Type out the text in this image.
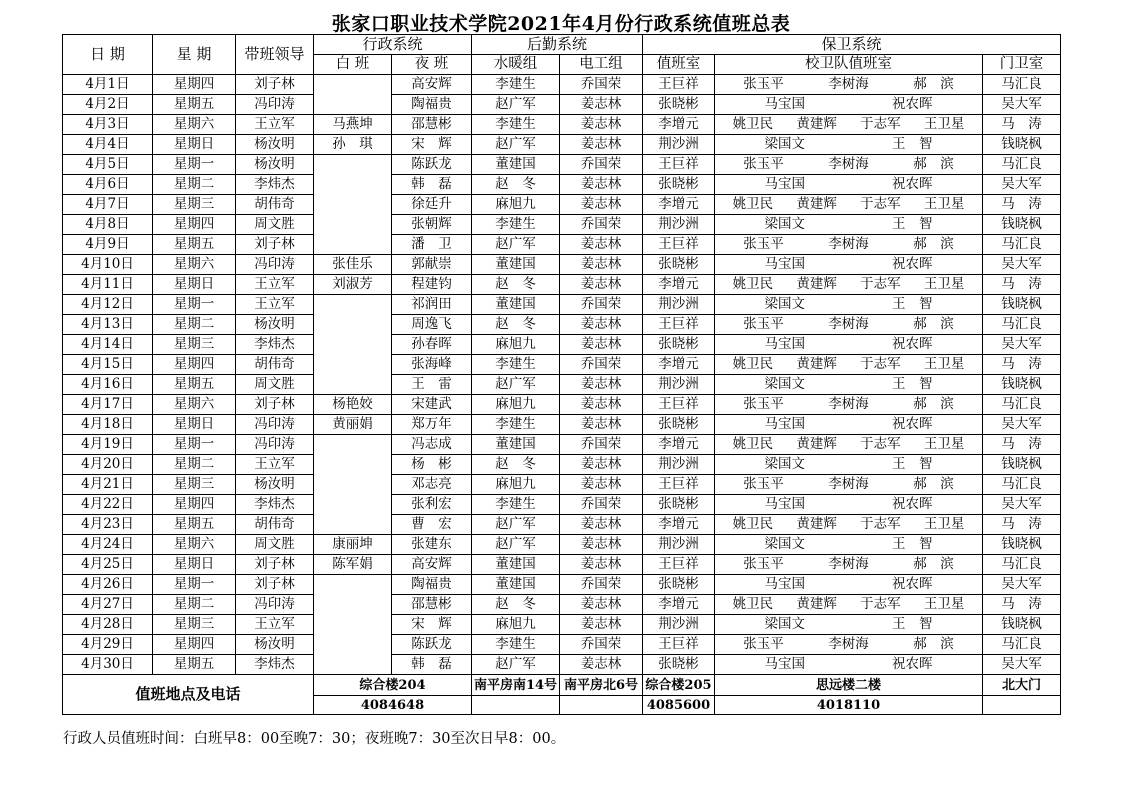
张家口职业技术学院2021年4月份行政系统值班总表
日 期	星 期	带班领导	行政系统		后勤系统		保卫系统		
			白 班	夜 班	水暖组	电工组	值班室	校卫队值班室	门卫室
4月1日	星期四	刘子林		高安辉	李建生	乔国荣	王巨祥	张玉平 李树海 郝　滨	马汇良
4月2日	星期五	冯印涛		陶福贵	赵广军	姜志林	张晓彬	马宝国 祝农晖	吴大军
4月3日	星期六	王立军	马燕坤	邵慧彬	李建生	姜志林	李增元	姚卫民 黄建辉 于志军 王卫星	马　涛
4月4日	星期日	杨汝明	孙　琪	宋　辉	赵广军	姜志林	荆沙洲	梁国文 王　智	钱晓枫
4月5日	星期一	杨汝明		陈跃龙	董建国	乔国荣	王巨祥	张玉平 李树海 郝　滨	马汇良
4月6日	星期二	李炜杰		韩　磊	赵　冬	姜志林	张晓彬	马宝国 祝农晖	吴大军
4月7日	星期三	胡伟奇		徐廷升	麻旭九	姜志林	李增元	姚卫民 黄建辉 于志军 王卫星	马　涛
4月8日	星期四	周文胜		张朝辉	李建生	乔国荣	荆沙洲	梁国文 王　智	钱晓枫
4月9日	星期五	刘子林		潘　卫	赵广军	姜志林	王巨祥	张玉平 李树海 郝　滨	马汇良
4月10日	星期六	冯印涛	张佳乐	郭献崇	董建国	姜志林	张晓彬	马宝国 祝农晖	吴大军
4月11日	星期日	王立军	刘淑芳	程建钧	赵　冬	姜志林	李增元	姚卫民 黄建辉 于志军 王卫星	马　涛
4月12日	星期一	王立军		祁润田	董建国	乔国荣	荆沙洲	梁国文 王　智	钱晓枫
4月13日	星期二	杨汝明		周逸飞	赵　冬	姜志林	王巨祥	张玉平 李树海 郝　滨	马汇良
4月14日	星期三	李炜杰		孙春晖	麻旭九	姜志林	张晓彬	马宝国 祝农晖	吴大军
4月15日	星期四	胡伟奇		张海峰	李建生	乔国荣	李增元	姚卫民 黄建辉 于志军 王卫星	马　涛
4月16日	星期五	周文胜		王　雷	赵广军	姜志林	荆沙洲	梁国文 王　智	钱晓枫
4月17日	星期六	刘子林	杨艳姣	宋建武	麻旭九	姜志林	王巨祥	张玉平 李树海 郝　滨	马汇良
4月18日	星期日	冯印涛	黄丽娟	郑万年	李建生	姜志林	张晓彬	马宝国 祝农晖	吴大军
4月19日	星期一	冯印涛		冯志成	董建国	乔国荣	李增元	姚卫民 黄建辉 于志军 王卫星	马　涛
4月20日	星期二	王立军		杨　彬	赵　冬	姜志林	荆沙洲	梁国文 王　智	钱晓枫
4月21日	星期三	杨汝明		邓志亮	麻旭九	姜志林	王巨祥	张玉平 李树海 郝　滨	马汇良
4月22日	星期四	李炜杰		张利宏	李建生	乔国荣	张晓彬	马宝国 祝农晖	吴大军
4月23日	星期五	胡伟奇		曹　宏	赵广军	姜志林	李增元	姚卫民 黄建辉 于志军 王卫星	马　涛
4月24日	星期六	周文胜	康丽坤	张建东	赵广军	姜志林	荆沙洲	梁国文 王　智	钱晓枫
4月25日	星期日	刘子林	陈军娟	高安辉	董建国	姜志林	王巨祥	张玉平 李树海 郝　滨	马汇良
4月26日	星期一	刘子林		陶福贵	董建国	乔国荣	张晓彬	马宝国 祝农晖	吴大军
4月27日	星期二	冯印涛		邵慧彬	赵　冬	姜志林	李增元	姚卫民 黄建辉 于志军 王卫星	马　涛
4月28日	星期三	王立军		宋　辉	麻旭九	姜志林	荆沙洲	梁国文 王　智	钱晓枫
4月29日	星期四	杨汝明		陈跃龙	李建生	乔国荣	王巨祥	张玉平 李树海 郝　滨	马汇良
4月30日	星期五	李炜杰		韩　磊	赵广军	姜志林	张晓彬	马宝国 祝农晖	吴大军
值班地点及电话			综合楼204		南平房南14号	南平房北6号	综合楼205	思远楼二楼	北大门
			4084648				4085600	4018110	
行政人员值班时间：白班早8：00至晚7：30；夜班晚7：30至次日早8：00。
